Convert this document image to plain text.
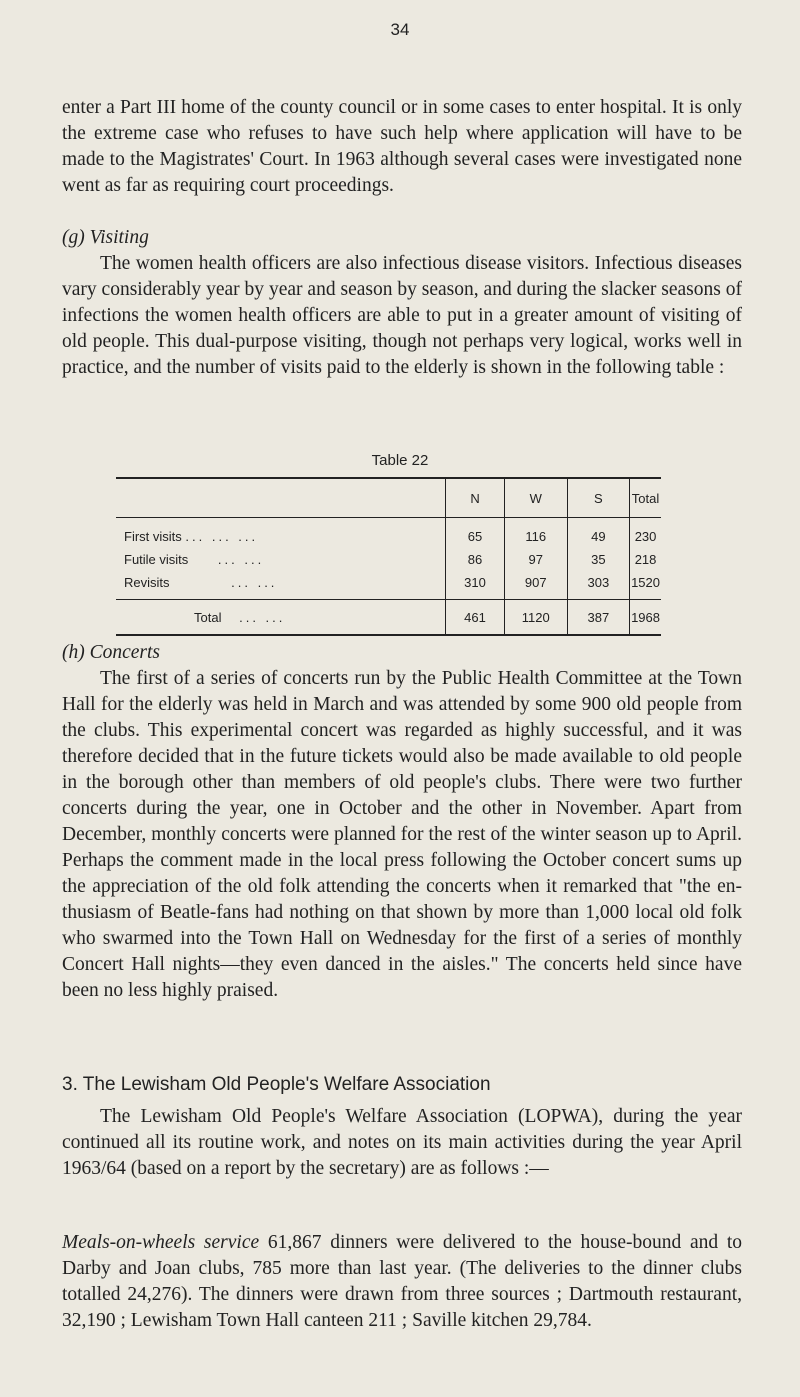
34

enter a Part III home of the county council or in some cases to enter hospital. It is only the extreme case who refuses to have such help where application will have to be made to the Magistrates' Court. In 1963 although several cases were investigated none went as far as requiring court proceedings.

(g) Visiting

The women health officers are also infectious disease visitors. Infectious diseases vary considerably year by year and season by season, and during the slacker seasons of infections the women health officers are able to put in a greater amount of visiting of old people. This dual-purpose visiting, though not perhaps very logical, works well in practice, and the number of visits paid to the elderly is shown in the following table :

Table 22
	N	W	S	Total
First visits ... ... ...	65	116	49	230
Futile visits ... ...	86	97	35	218
Revisits ... ...	310	907	303	1520
Total ... ...	461	1120	387	1968

(h) Concerts

The first of a series of concerts run by the Public Health Committee at the Town Hall for the elderly was held in March and was attended by some 900 old people from the clubs. This experimental concert was regarded as highly successful, and it was therefore decided that in the future tickets would also be made available to old people in the borough other than members of old people's clubs. There were two further concerts during the year, one in October and the other in November. Apart from December, monthly concerts were planned for the rest of the winter season up to April. Perhaps the comment made in the local press following the October concert sums up the appreciation of the old folk attending the concerts when it remarked that "the en-thusiasm of Beatle-fans had nothing on that shown by more than 1,000 local old folk who swarmed into the Town Hall on Wednesday for the first of a series of monthly Concert Hall nights—they even danced in the aisles." The concerts held since have been no less highly praised.

3. The Lewisham Old People's Welfare Association

The Lewisham Old People's Welfare Association (LOPWA), during the year continued all its routine work, and notes on its main activities during the year April 1963/64 (based on a report by the secretary) are as follows :—

Meals-on-wheels service 61,867 dinners were delivered to the house-bound and to Darby and Joan clubs, 785 more than last year. (The deliveries to the dinner clubs totalled 24,276). The dinners were drawn from three sources ; Dartmouth restaurant, 32,190 ; Lewisham Town Hall canteen 211 ; Saville kitchen 29,784.
